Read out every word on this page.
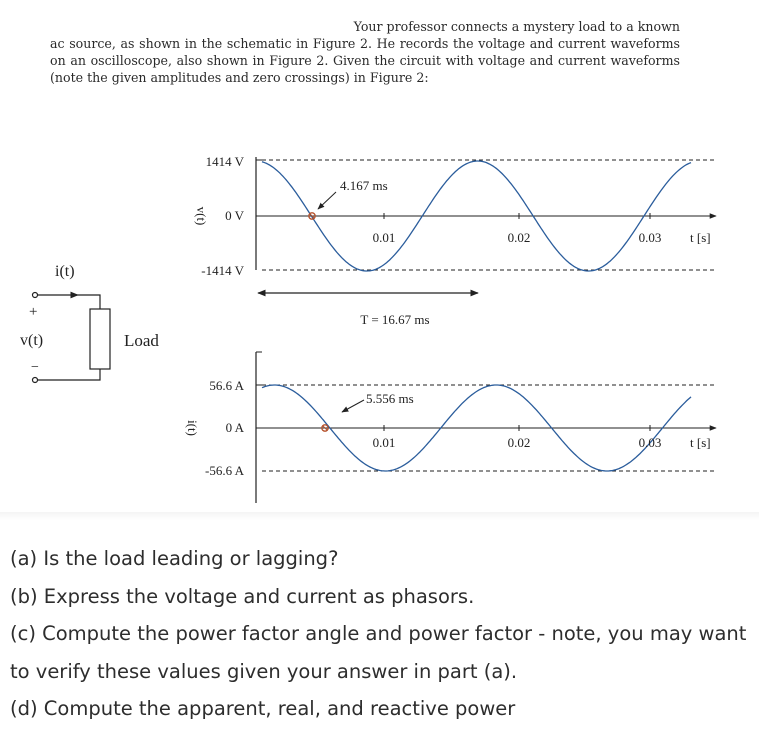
Your professor connects a mystery load to a known
ac source, as shown in the schematic in Figure 2. He records the voltage and current waveforms on an oscilloscope, also shown in Figure 2. Given the circuit with voltage and current waveforms (note the given amplitudes and zero crossings) in Figure 2:
i(t)
+
v(t)
−
Load
4.167 ms
v(t)
1414 V
0 V
-1414 V
0.01	0.02	0.03 t [s]
T = 16.67 ms
5.556 ms
i(t)
56.6 A
0 A
-56.6 A
0.01	0.02	0.03 t [s]

(a) Is the load leading or lagging?

(b) Express the voltage and current as phasors.

(c) Compute the power factor angle and power factor - note, you may want to verify these values given your answer in part (a).

(d) Compute the apparent, real, and reactive power
